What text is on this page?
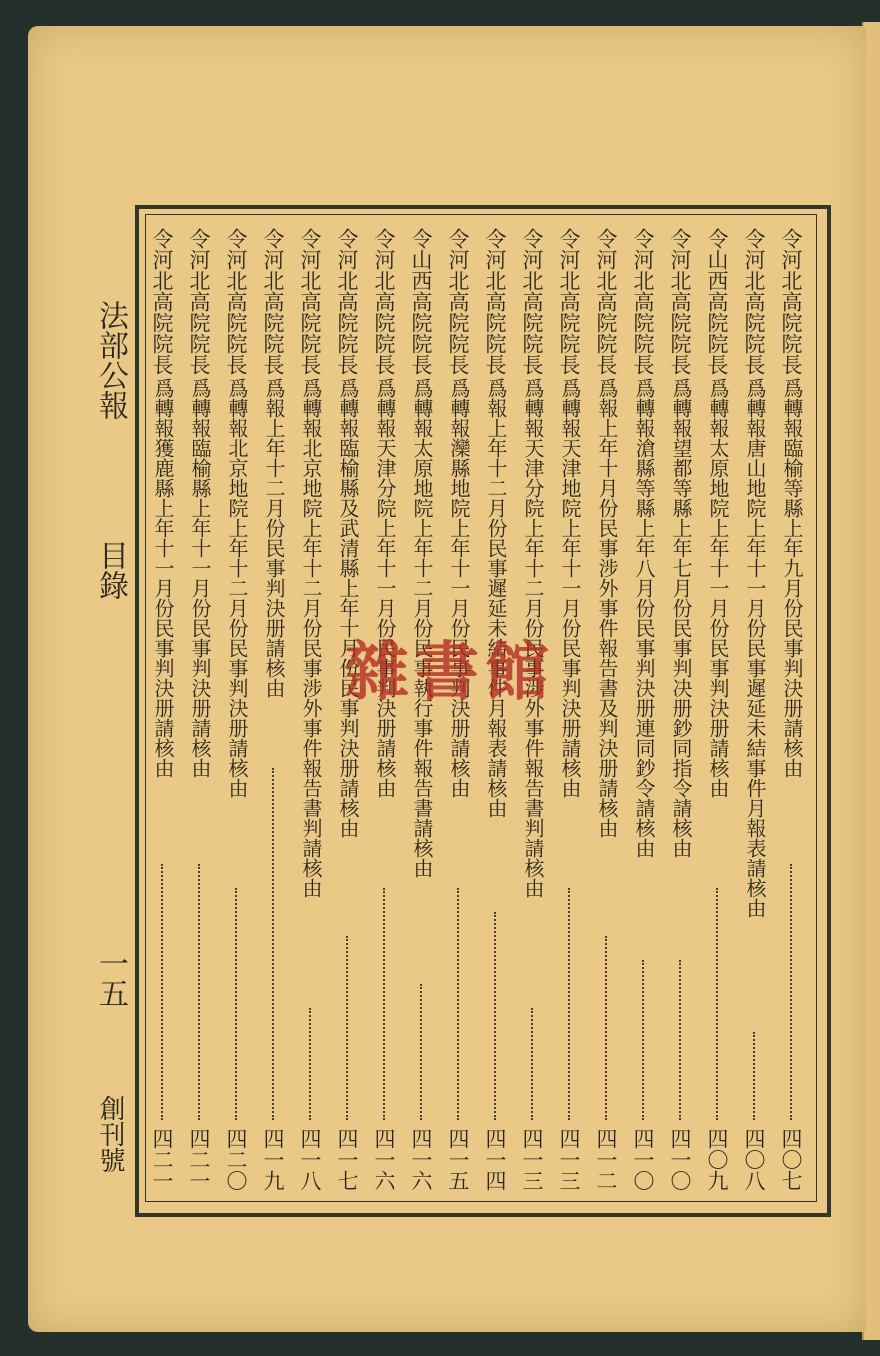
法部公報
目錄
一五
創刊號
令河北高院院長
爲轉報臨榆等縣上年九月份民事判決册請核由
四〇七
令河北高院院長
爲轉報唐山地院上年十一月份民事遲延未結事件月報表請核由
四〇八
令山西高院院長
爲轉報太原地院上年十一月份民事判決册請核由
四〇九
令河北高院院長
爲轉報望都等縣上年七月份民事判决册鈔同指令請核由
四一〇
令河北高院院長
爲轉報滄縣等縣上年八月份民事判決册連同鈔令請核由
四一〇
令河北高院院長
爲報上年十月份民事涉外事件報告書及判決册請核由
四一二
令河北高院院長
爲轉報天津地院上年十一月份民事判決册請核由
四一三
令河北高院院長
爲轉報天津分院上年十二月份民事涉外事件報告書判請核由
四一三
令河北高院院長
爲報上年十二月份民事遲延未結事件月報表請核由
四一四
令河北高院院長
爲轉報灤縣地院上年十一月份民事判決册請核由
四一五
令山西高院院長
爲轉報太原地院上年十二月份民事執行事件報告書請核由
四一六
令河北高院院長
爲轉報天津分院上年十一月份民事判決册請核由
四一六
令河北高院院長
爲轉報臨榆縣及武清縣上年十月份民事判決册請核由
四一七
令河北高院院長
爲轉報北京地院上年十二月份民事涉外事件報告書判請核由
四一八
令河北高院院長
爲報上年十二月份民事判決册請核由
四一九
令河北高院院長
爲轉報北京地院上年十二月份民事判決册請核由
四二〇
令河北高院院長
爲轉報臨榆縣上年十一月份民事判決册請核由
四二一
令河北高院院長
爲轉報獲鹿縣上年十一月份民事判決册請核由
四二一
雜書館
